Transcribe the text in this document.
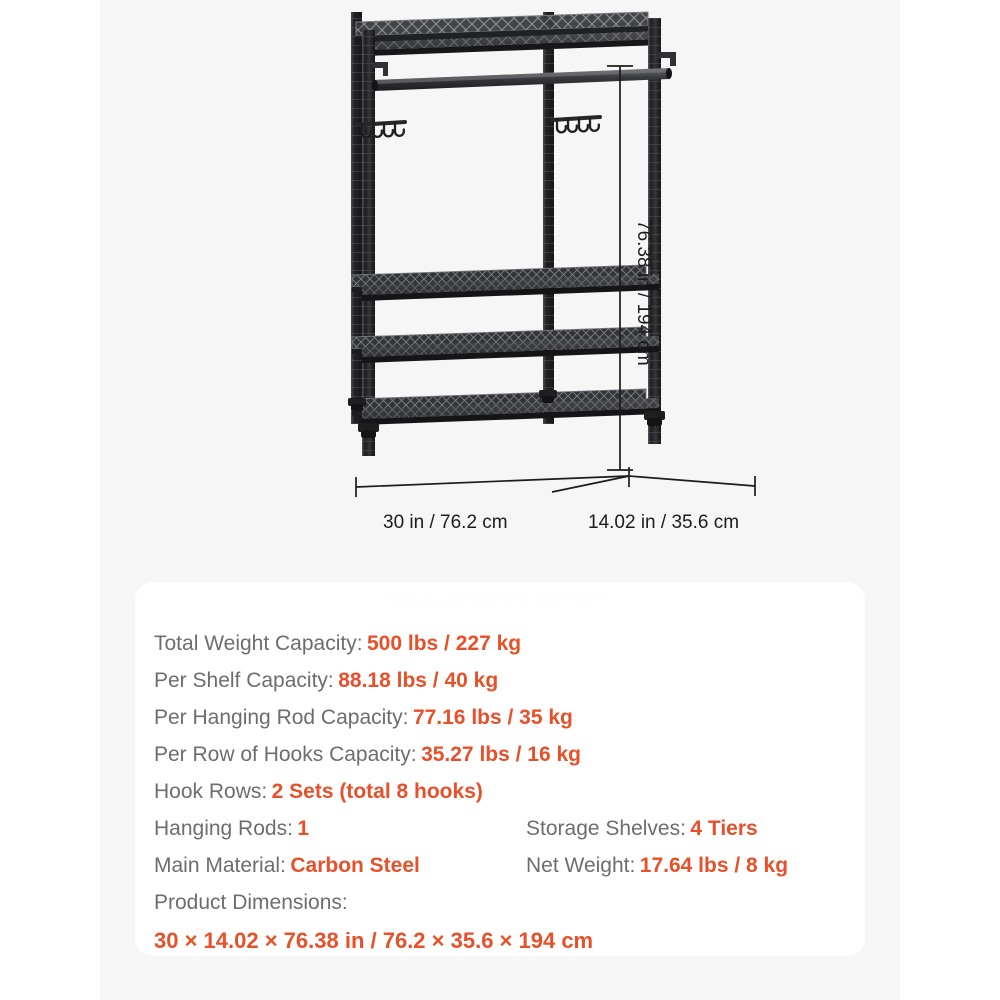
76.38 in / 194 cm
30 in / 76.2 cm	14.02 in / 35.6 cm
MAXIMUM WEIGHT CAPACITY
Total Weight Capacity: 500 lbs / 227 kg
Per Shelf Capacity: 88.18 lbs / 40 kg
Per Hanging Rod Capacity: 77.16 lbs / 35 kg
Per Row of Hooks Capacity: 35.27 lbs / 16 kg
Hook Rows: 2 Sets (total 8 hooks)
Hanging Rods: 1	Storage Shelves: 4 Tiers
Main Material: Carbon Steel	Net Weight: 17.64 lbs / 8 kg
Product Dimensions:
30 × 14.02 × 76.38 in / 76.2 × 35.6 × 194 cm
